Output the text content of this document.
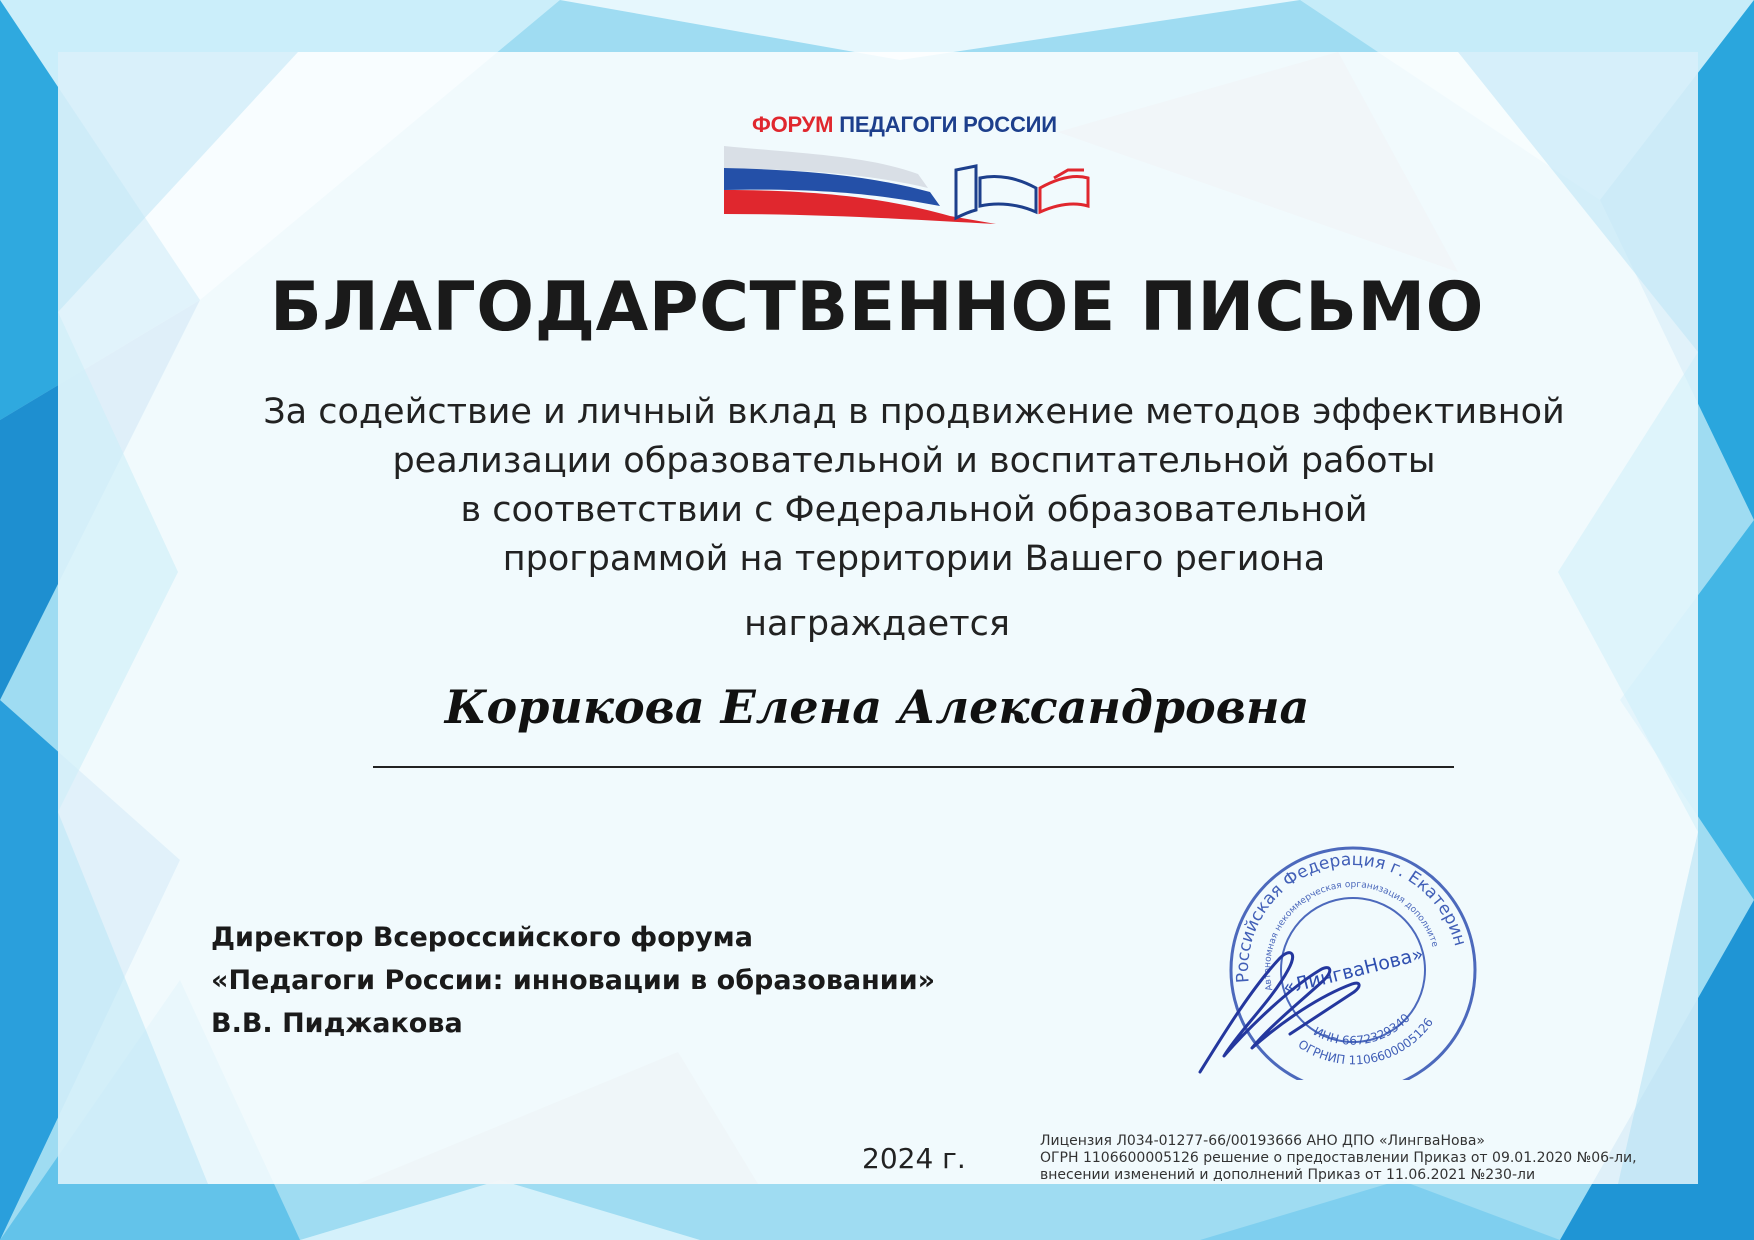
ФОРУМ ПЕДАГОГИ РОССИИ
БЛАГОДАРСТВЕННОЕ ПИСЬМО
За содействие и личный вклад в продвижение методов эффективной
реализации образовательной и воспитательной работы
в соответствии с Федеральной образовательной
программой на территории Вашего региона
награждается
Корикова Елена Александровна
Директор Всероссийского форума
«Педагоги России: инновации в образовании»
В.В. Пиджакова
2024 г.
Лицензия Л034-01277-66/00193666 АНО ДПО «ЛингваНова»
ОГРН 1106600005126 решение о предоставлении Приказ от 09.01.2020 №06-ли,
внесении изменений и дополнений Приказ от 11.06.2021 №230-ли
Российская Федерация г. Екатеринбург
Автономная некоммерческая организация дополнительного
ИНН 6672329340
ОГРНИП 1106600005126
«ЛингваНова»
